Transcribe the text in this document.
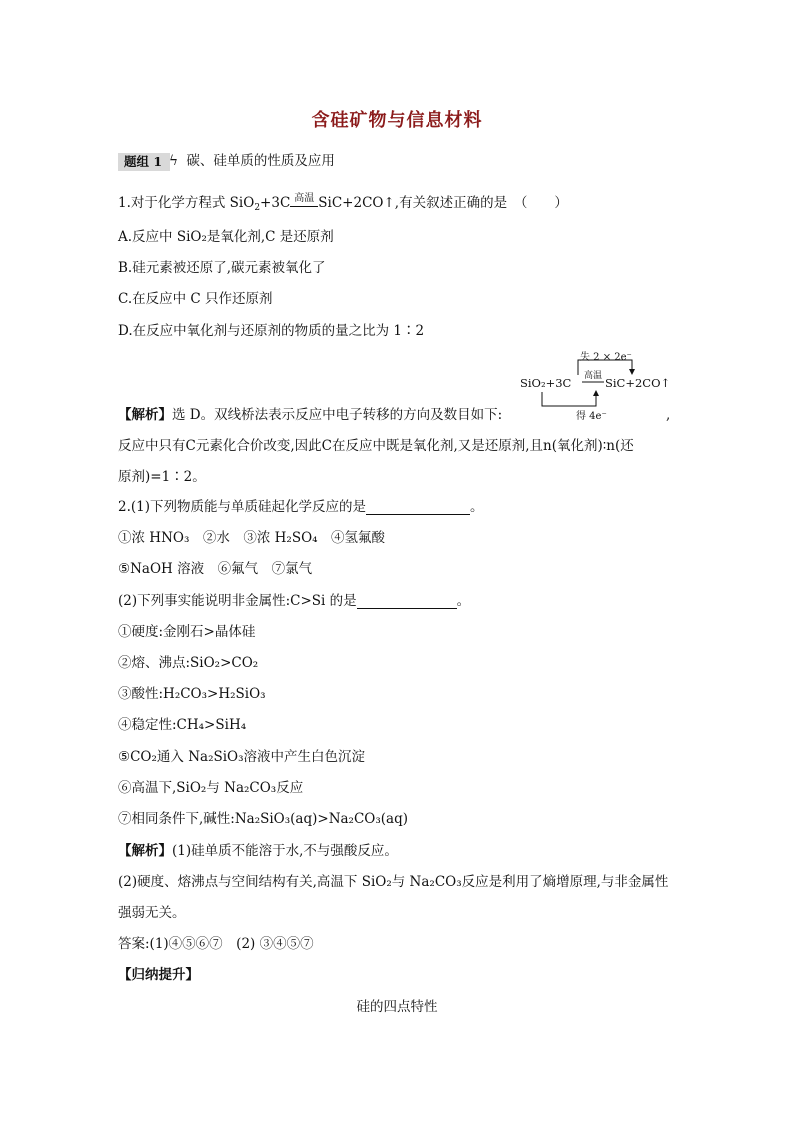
含硅矿物与信息材料
题组 1 ϟ 碳、硅单质的性质及应用
1.对于化学方程式 SiO$_2$+3C 高温 SiC+2CO↑,有关叙述正确的是　（　　）
A.反应中 SiO₂是氧化剂,C 是还原剂
B.硅元素被还原了,碳元素被氧化了
C.在反应中 C 只作还原剂
D.在反应中氧化剂与还原剂的物质的量之比为 1∶2
失 2 × 2e⁻
高温
SiO₂+3C	SiC+2CO↑
得 4e⁻
【解析】选 D。双线桥法表示反应中电子转移的方向及数目如下:	,
反应中只有C元素化合价改变,因此C在反应中既是氧化剂,又是还原剂,且n(氧化剂)∶n(还
原剂)=1∶2。
2.(1)下列物质能与单质硅起化学反应的是	。
①浓 HNO₃　②水　③浓 H₂SO₄　④氢氟酸
⑤NaOH 溶液　⑥氟气　⑦氯气
(2)下列事实能说明非金属性:C>Si 的是	。
①硬度:金刚石>晶体硅
②熔、沸点:SiO₂>CO₂
③酸性:H₂CO₃>H₂SiO₃
④稳定性:CH₄>SiH₄
⑤CO₂通入 Na₂SiO₃溶液中产生白色沉淀
⑥高温下,SiO₂与 Na₂CO₃反应
⑦相同条件下,碱性:Na₂SiO₃(aq)>Na₂CO₃(aq)
【解析】(1)硅单质不能溶于水,不与强酸反应。
(2)硬度、熔沸点与空间结构有关,高温下 SiO₂与 Na₂CO₃反应是利用了熵增原理,与非金属性
强弱无关。
答案:(1)④⑤⑥⑦　(2) ③④⑤⑦
【归纳提升】
硅的四点特性
